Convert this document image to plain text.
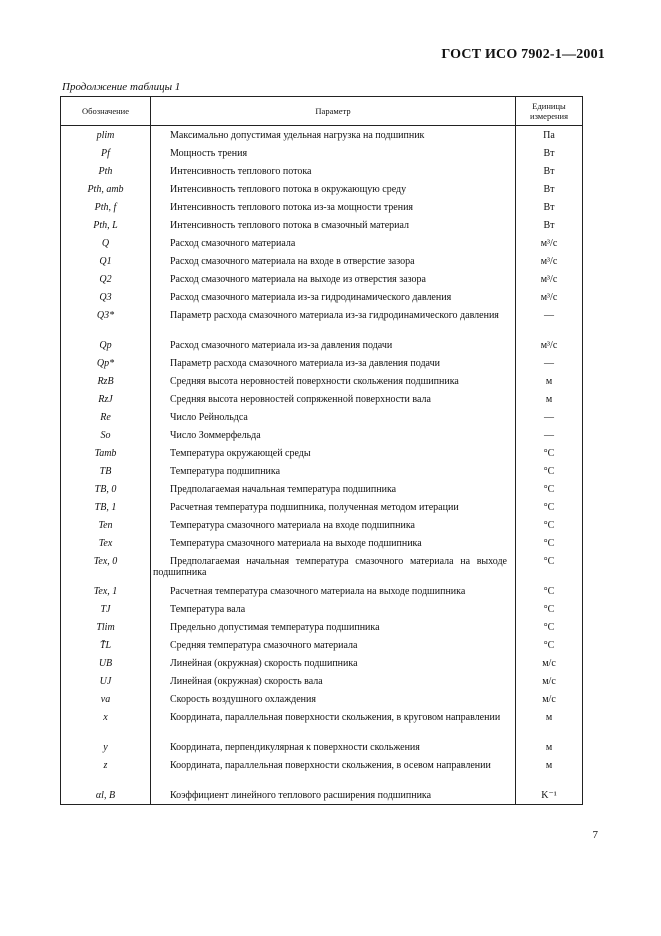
ГОСТ ИСО 7902-1—2001
Продолжение таблицы 1
Обозначение	Параметр	Единицы измерения
plim	Максимально допустимая удельная нагрузка на подшипник	Па
Pf	Мощность трения	Вт
Pth	Интенсивность теплового потока	Вт
Pth, amb	Интенсивность теплового потока в окружающую среду	Вт
Pth, f	Интенсивность теплового потока из-за мощности трения	Вт
Pth, L	Интенсивность теплового потока в смазочный материал	Вт
Q	Расход смазочного материала	м³/с
Q1	Расход смазочного материала на входе в отверстие зазора	м³/с
Q2	Расход смазочного материала на выходе из отверстия зазора	м³/с
Q3	Расход смазочного материала из-за гидродинамического давления	м³/с
Q3*	Параметр расхода смазочного материала из-за гидродинамического давления	—
Qp	Расход смазочного материала из-за давления подачи	м³/с
Qp*	Параметр расхода смазочного материала из-за давления подачи	—
RzB	Средняя высота неровностей поверхности скольжения подшипника	м
RzJ	Средняя высота неровностей сопряженной поверхности вала	м
Re	Число Рейнольдса	—
So	Число Зоммерфельда	—
Tamb	Температура окружающей среды	°C
TB	Температура подшипника	°C
TB, 0	Предполагаемая начальная температура подшипника	°C
TB, 1	Расчетная температура подшипника, полученная методом итерации	°C
Ten	Температура смазочного материала на входе подшипника	°C
Tex	Температура смазочного материала на выходе подшипника	°C
Tex, 0	Предполагаемая начальная температура смазочного материала на выходе подшипника	°C
Tex, 1	Расчетная температура смазочного материала на выходе подшипника	°C
TJ	Температура вала	°C
Tlim	Предельно допустимая температура подшипника	°C
T̄L	Средняя температура смазочного материала	°C
UB	Линейная (окружная) скорость подшипника	м/с
UJ	Линейная (окружная) скорость вала	м/с
va	Скорость воздушного охлаждения	м/с
x	Координата, параллельная поверхности скольжения, в круговом направлении	м
y	Координата, перпендикулярная к поверхности скольжения	м
z	Координата, параллельная поверхности скольжения, в осевом направлении	м
αl, B	Коэффициент линейного теплового расширения подшипника	K⁻¹
7
